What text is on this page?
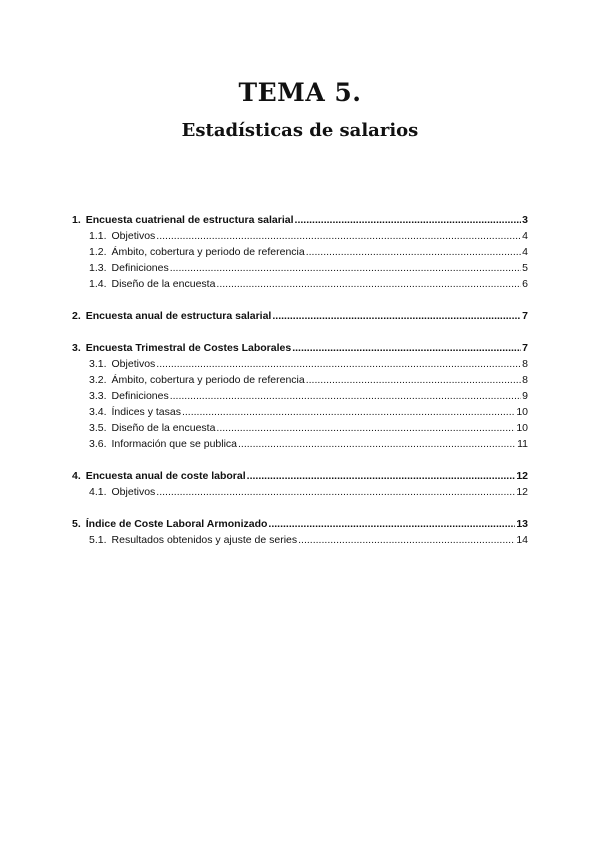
TEMA 5.
Estadísticas de salarios
1. Encuesta cuatrienal de estructura salarial .....	3
1.1. Objetivos .....	4
1.2. Ámbito, cobertura y periodo de referencia .....	4
1.3. Definiciones .....	5
1.4. Diseño de la encuesta .....	6
2. Encuesta anual de estructura salarial .....	7
3. Encuesta Trimestral de Costes Laborales .....	7
3.1. Objetivos .....	8
3.2. Ámbito, cobertura y periodo de referencia .....	8
3.3. Definiciones .....	9
3.4. Índices y tasas .....	10
3.5. Diseño de la encuesta .....	10
3.6. Información que se publica .....	11
4. Encuesta anual de coste laboral .....	12
4.1. Objetivos .....	12
5. Índice de Coste Laboral Armonizado .....	13
5.1. Resultados obtenidos y ajuste de series .....	14
